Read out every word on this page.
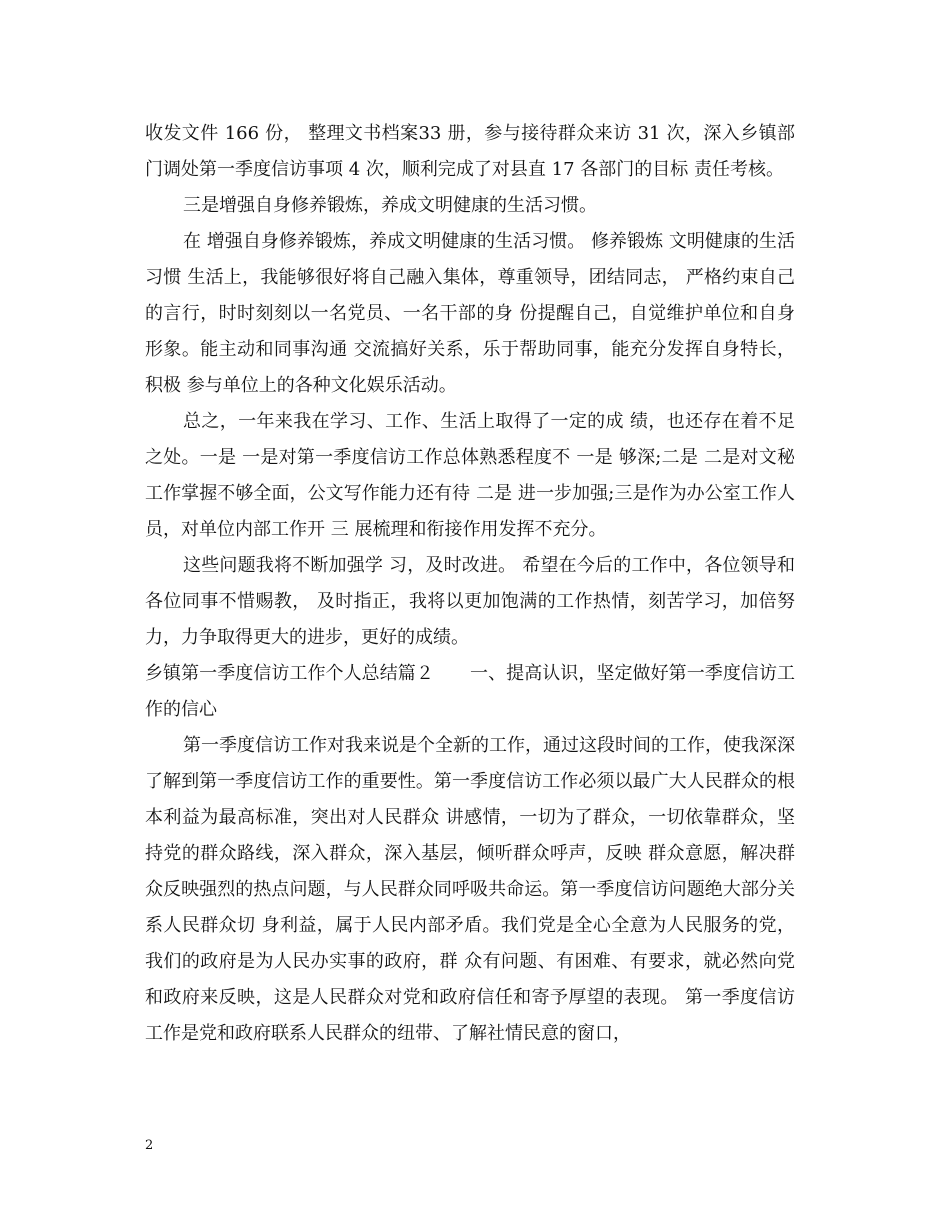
收发文件 166 份， 整理文书档案33 册，参与接待群众来访 31 次，深入乡镇部 门调处第一季度信访事项 4 次，顺利完成了对县直 17 各部门的目标 责任考核。

三是增强自身修养锻炼，养成文明健康的生活习惯。

在 增强自身修养锻炼，养成文明健康的生活习惯。 修养锻炼 文明健康的生活习惯 生活上，我能够很好将自己融入集体，尊重领导，团结同志， 严格约束自己的言行，时时刻刻以一名党员、一名干部的身 份提醒自己，自觉维护单位和自身形象。能主动和同事沟通 交流搞好关系，乐于帮助同事，能充分发挥自身特长，积极 参与单位上的各种文化娱乐活动。

总之，一年来我在学习、工作、生活上取得了一定的成 绩，也还存在着不足之处。一是 一是对第一季度信访工作总体熟悉程度不 一是 够深;二是 二是对文秘工作掌握不够全面，公文写作能力还有待 二是 进一步加强;三是作为办公室工作人员，对单位内部工作开 三 展梳理和衔接作用发挥不充分。

这些问题我将不断加强学 习，及时改进。 希望在今后的工作中，各位领导和各位同事不惜赐教， 及时指正，我将以更加饱满的工作热情，刻苦学习，加倍努 力，力争取得更大的进步，更好的成绩。

乡镇第一季度信访工作个人总结篇２　　一、提高认识，坚定做好第一季度信访工作的信心

第一季度信访工作对我来说是个全新的工作，通过这段时间的工作，使我深深了解到第一季度信访工作的重要性。第一季度信访工作必须以最广大人民群众的根本利益为最高标准，突出对人民群众 讲感情，一切为了群众，一切依靠群众，坚持党的群众路线，深入群众，深入基层，倾听群众呼声，反映 群众意愿，解决群众反映强烈的热点问题，与人民群众同呼吸共命运。第一季度信访问题绝大部分关系人民群众切 身利益，属于人民内部矛盾。我们党是全心全意为人民服务的党，我们的政府是为人民办实事的政府，群 众有问题、有困难、有要求，就必然向党和政府来反映，这是人民群众对党和政府信任和寄予厚望的表现。 第一季度信访工作是党和政府联系人民群众的纽带、了解社情民意的窗口，

2
